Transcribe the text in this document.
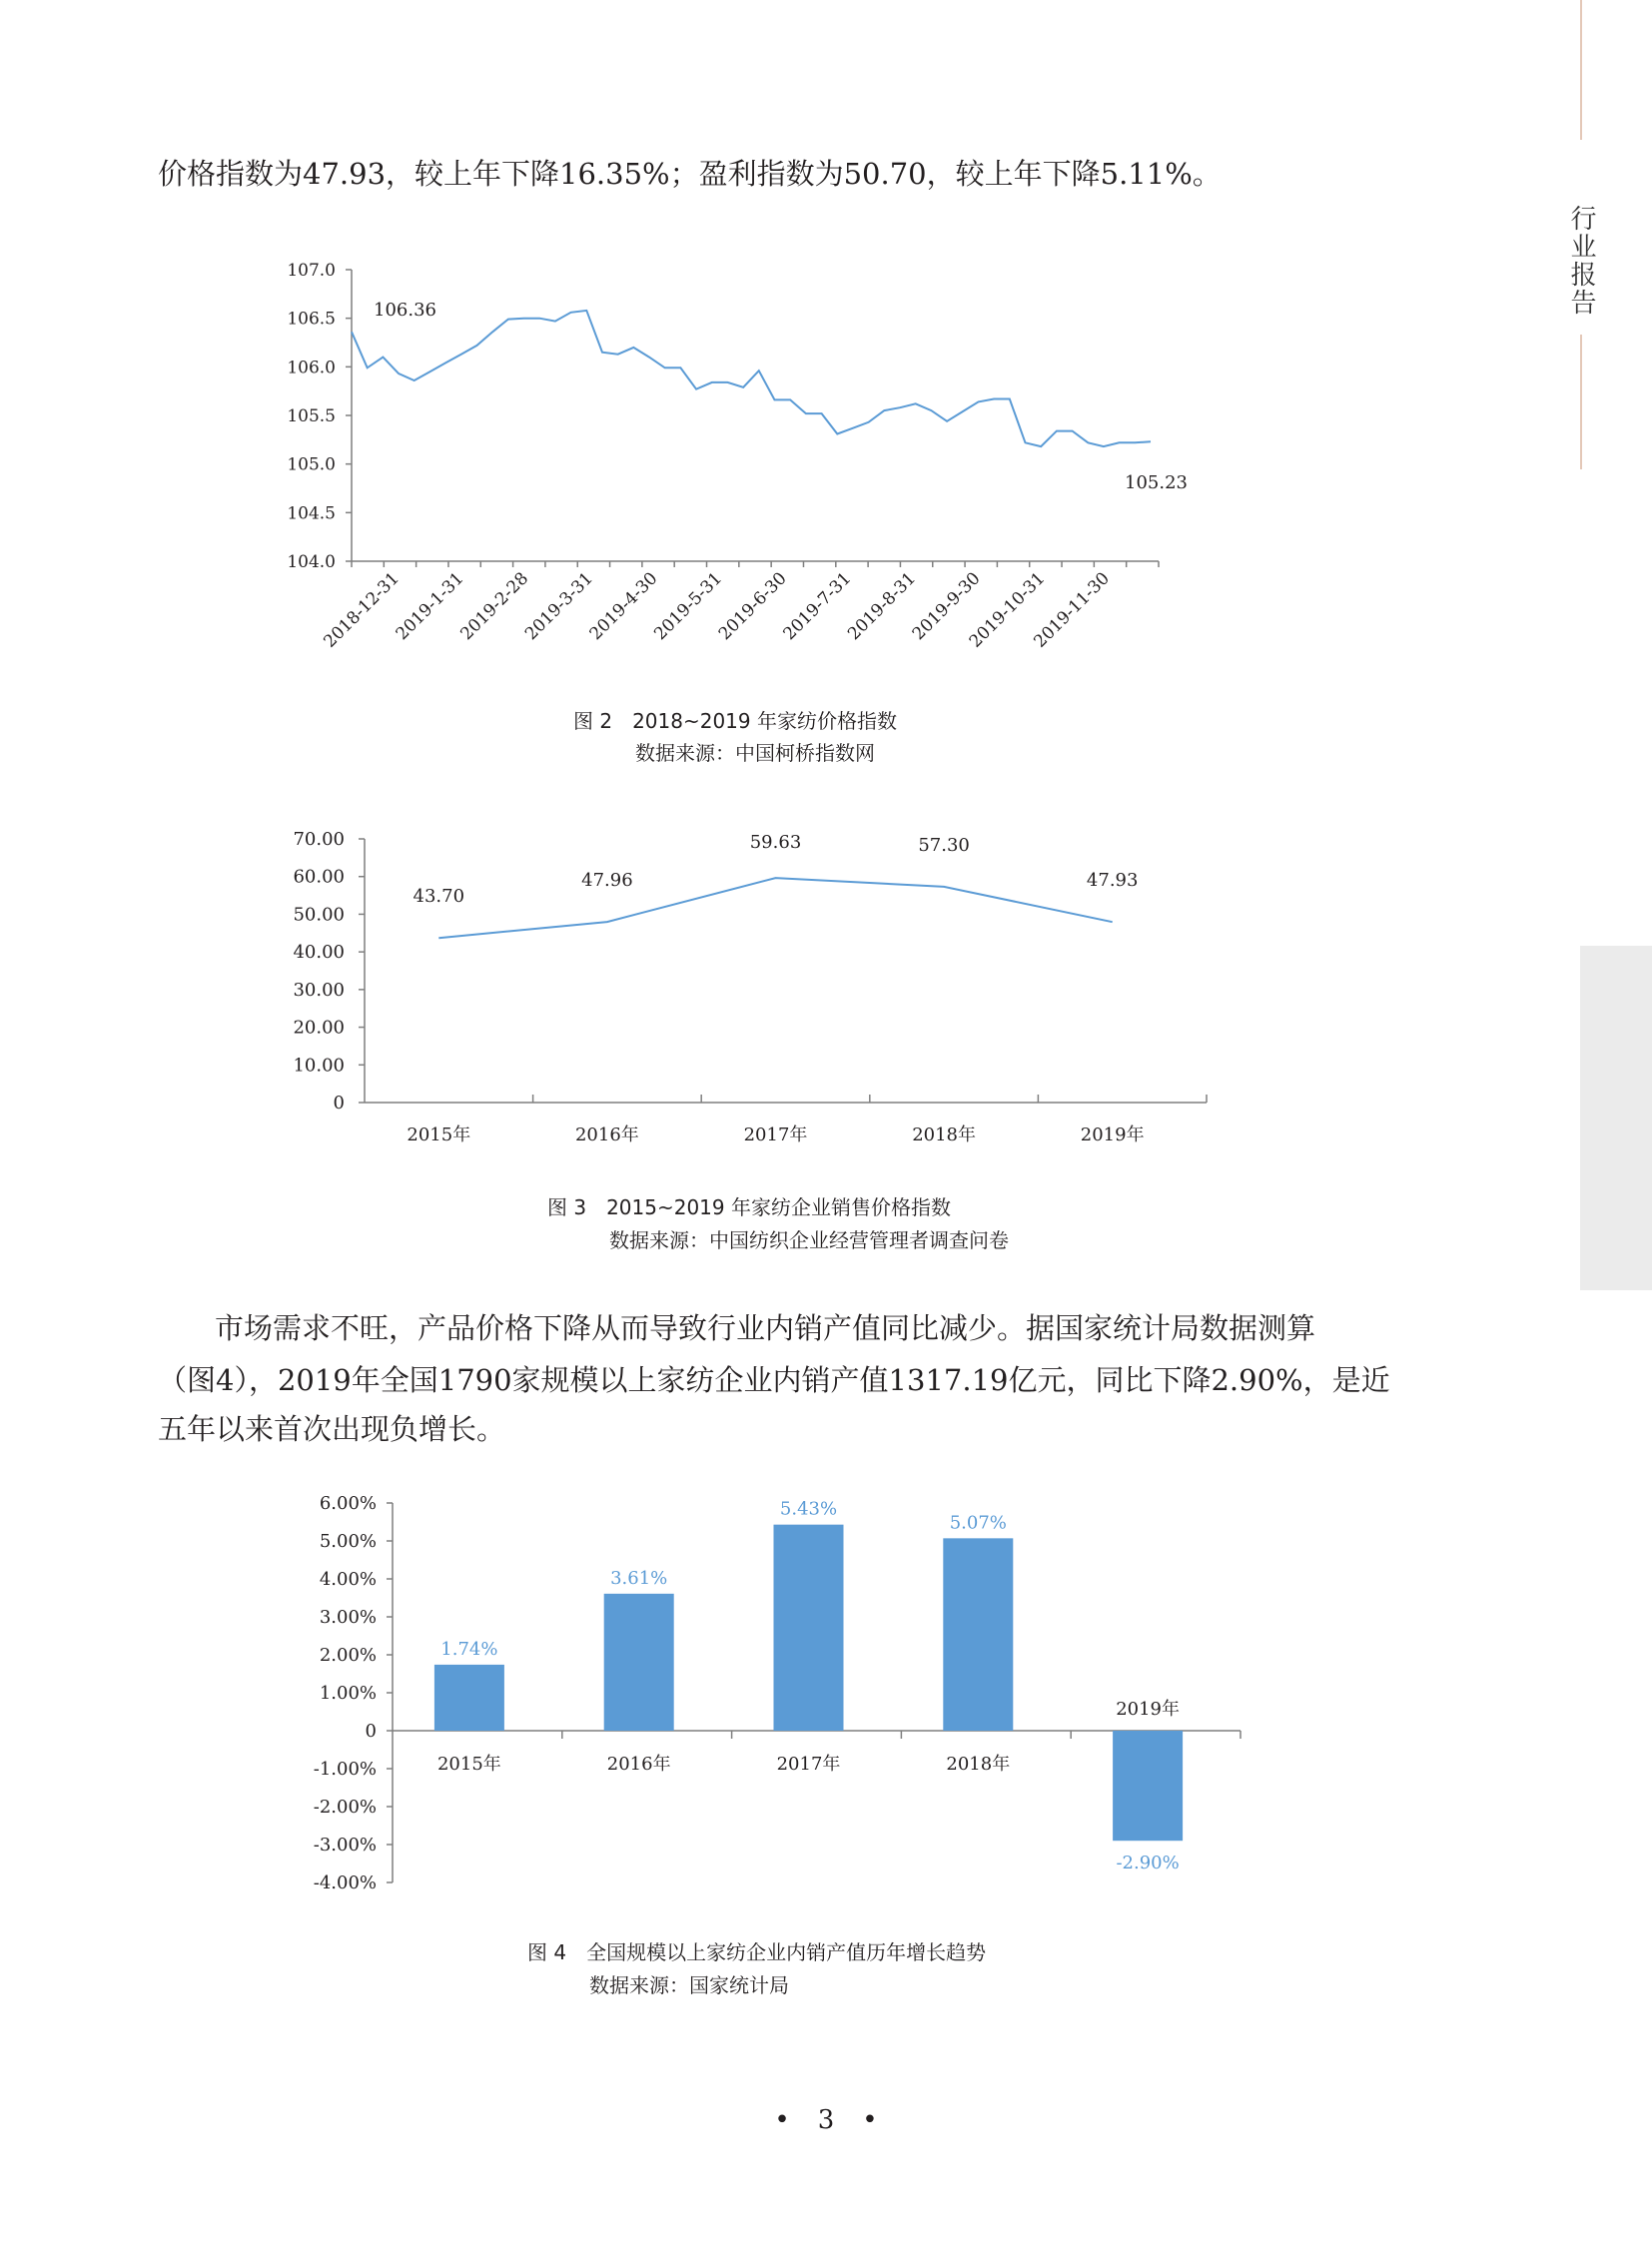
行业报告

价格指数为47.93，较上年下降16.35%；盈利指数为50.70，较上年下降5.11%。

107.0
106.5
106.0
105.5
105.0
104.5
104.0
2018-12-31
2019-1-31
2019-2-28
2019-3-31
2019-4-30
2019-5-31
2019-6-30
2019-7-31
2019-8-31
2019-9-30
2019-10-31
2019-11-30
106.36
105.23
70.00
60.00
50.00
40.00
30.00
20.00
10.00
0
2015年	2016年	2017年	2018年	2019年
43.70
47.96
59.63	57.30
47.93
6.00%
5.00%
4.00%
3.00%
2.00%
1.00%
0
-1.00%
-2.00%
-3.00%
-4.00%
1.74%
2015年
3.61%
2016年
5.43%
2017年
5.07%
2018年
-2.90%
2019年
图 2　2018~2019 年家纺价格指数
数据来源：中国柯桥指数网
图 3　2015~2019 年家纺企业销售价格指数
数据来源：中国纺织企业经营管理者调查问卷

市场需求不旺，产品价格下降从而导致行业内销产值同比减少。据国家统计局数据测算

（图4），2019年全国1790家规模以上家纺企业内销产值1317.19亿元，同比下降2.90%，是近

五年以来首次出现负增长。

图 4　全国规模以上家纺企业内销产值历年增长趋势
数据来源：国家统计局
• 3 •
